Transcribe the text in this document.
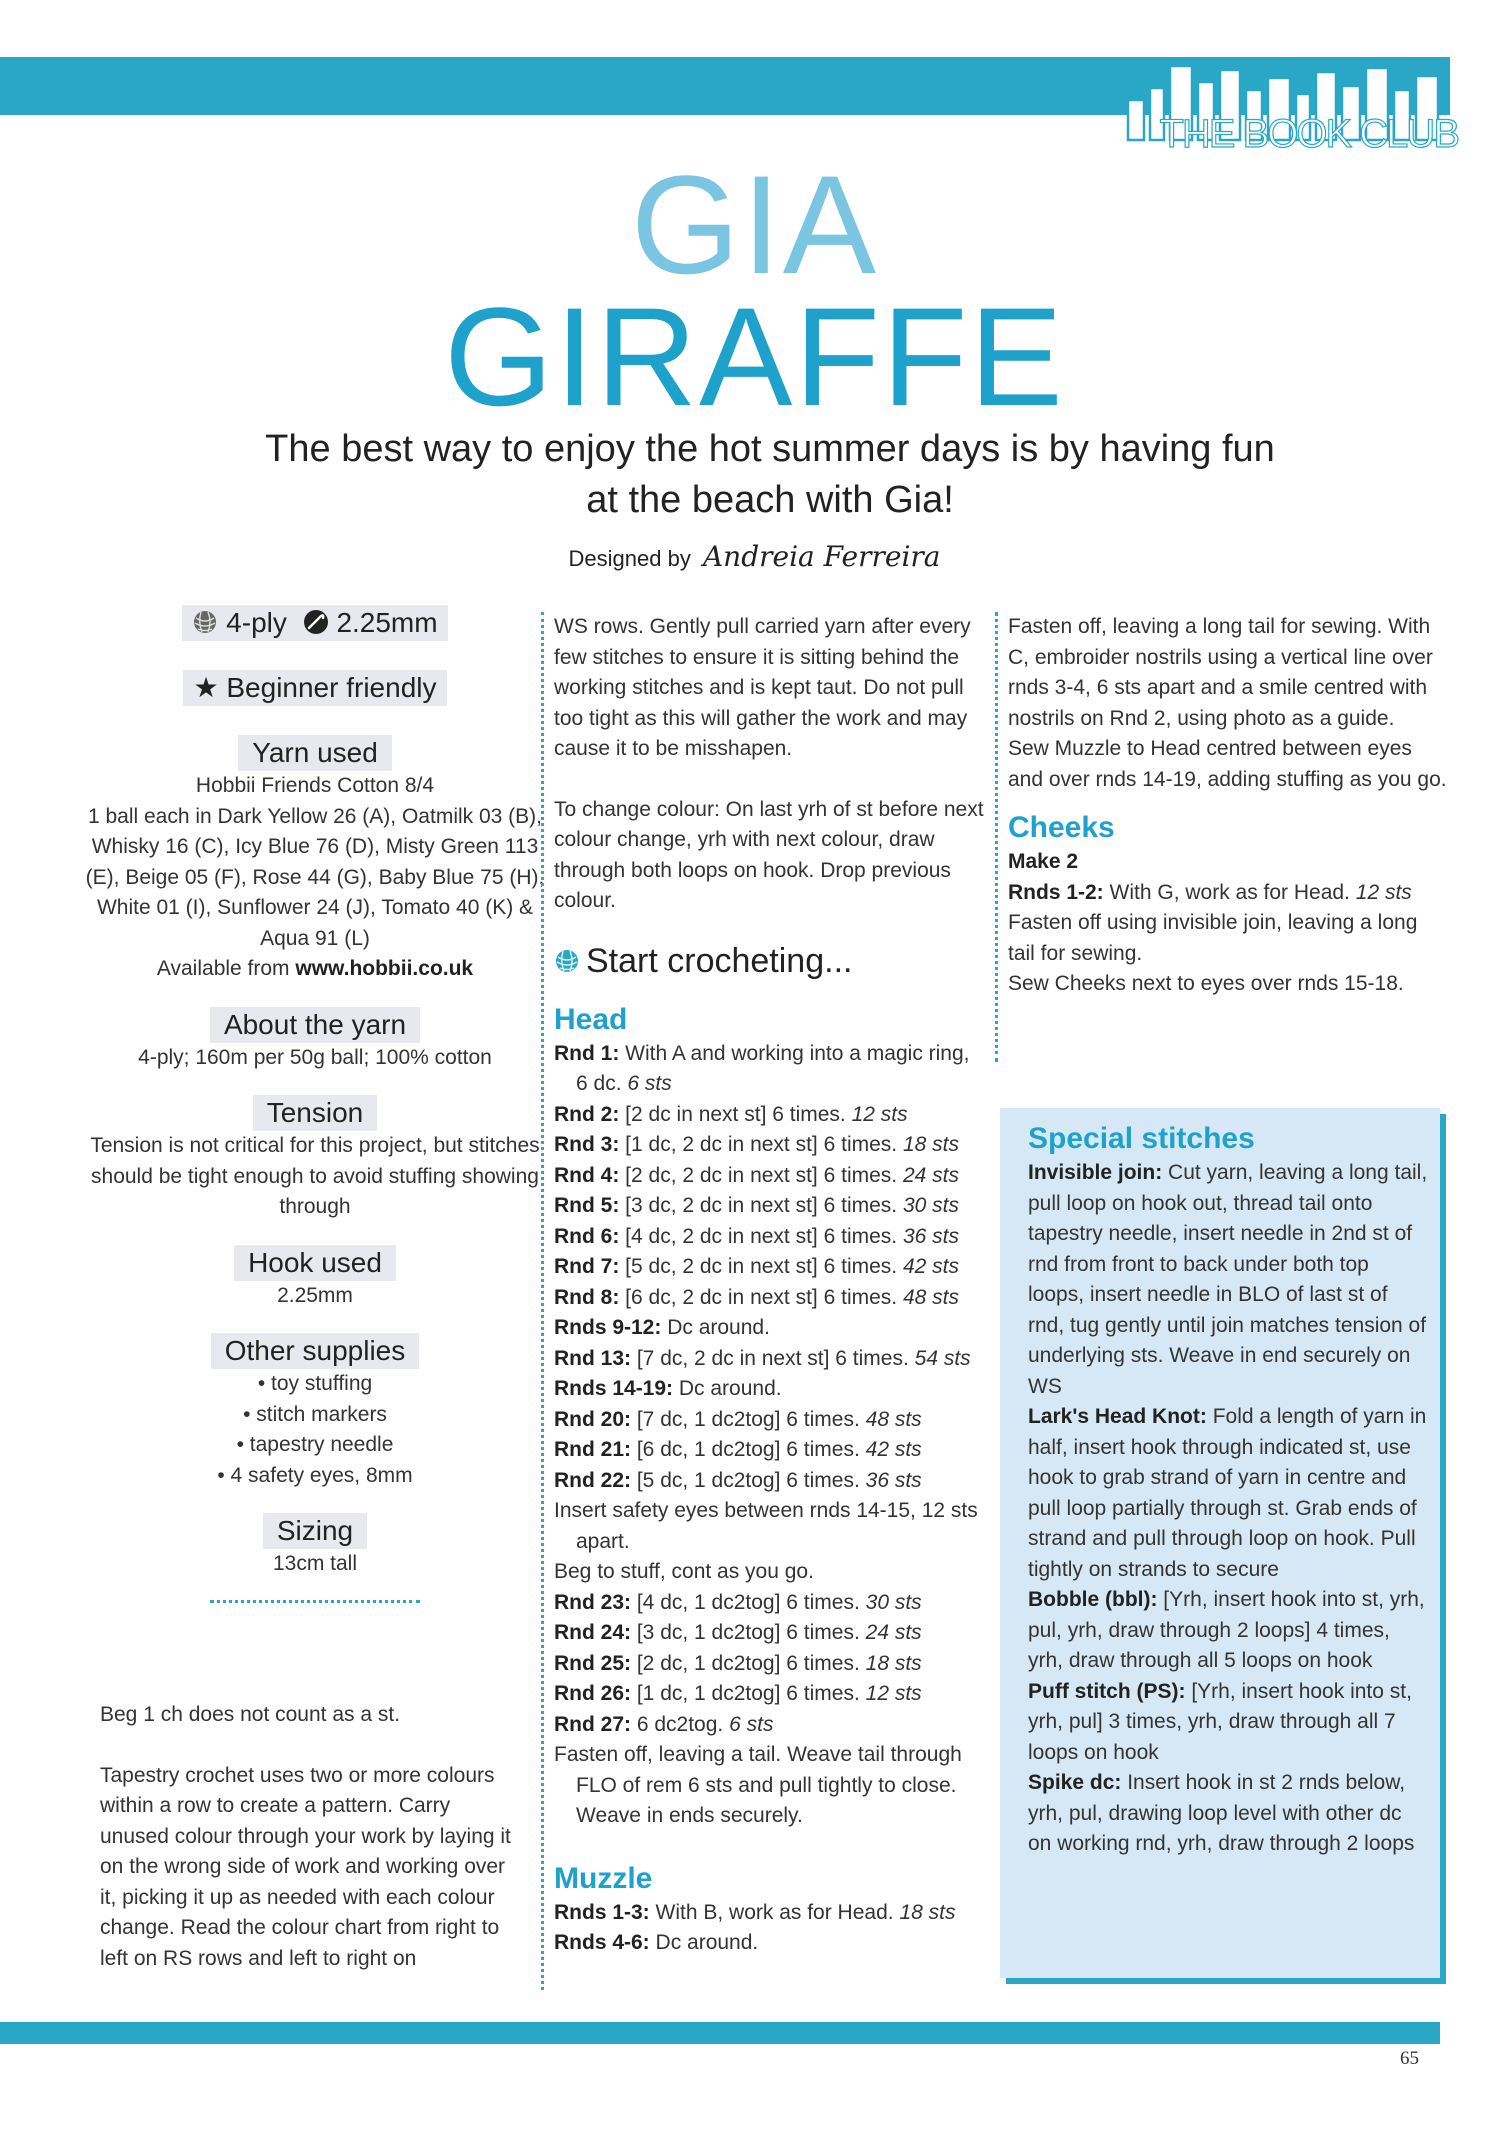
THE BOOK CLUB
GIA
GIRAFFE
The best way to enjoy the hot summer days is by having fun at the beach with Gia!
Designed by Andreia Ferreira
4-ply 2.25mm
★ Beginner friendly
Yarn used

Hobbii Friends Cotton 8/4

1 ball each in Dark Yellow 26 (A), Oatmilk 03 (B), Whisky 16 (C), Icy Blue 76 (D), Misty Green 113 (E), Beige 05 (F), Rose 44 (G), Baby Blue 75 (H), White 01 (I), Sunflower 24 (J), Tomato 40 (K) & Aqua 91 (L)

Available from www.hobbii.co.uk

About the yarn

4-ply; 160m per 50g ball; 100% cotton

Tension

Tension is not critical for this project, but stitches should be tight enough to avoid stuffing showing through

Hook used

2.25mm

Other supplies

• toy stuffing

• stitch markers

• tapestry needle

• 4 safety eyes, 8mm

Sizing

13cm tall

Beg 1 ch does not count as a st.

Tapestry crochet uses two or more colours within a row to create a pattern. Carry unused colour through your work by laying it on the wrong side of work and working over it, picking it up as needed with each colour change. Read the colour chart from right to left on RS rows and left to right on

WS rows. Gently pull carried yarn after every few stitches to ensure it is sitting behind the working stitches and is kept taut. Do not pull too tight as this will gather the work and may cause it to be misshapen.

To change colour: On last yrh of st before next colour change, yrh with next colour, draw through both loops on hook. Drop previous colour.

Start crocheting...
Head

Rnd 1: With A and working into a magic ring, 6 dc. 6 sts

Rnd 2: [2 dc in next st] 6 times. 12 sts

Rnd 3: [1 dc, 2 dc in next st] 6 times. 18 sts

Rnd 4: [2 dc, 2 dc in next st] 6 times. 24 sts

Rnd 5: [3 dc, 2 dc in next st] 6 times. 30 sts

Rnd 6: [4 dc, 2 dc in next st] 6 times. 36 sts

Rnd 7: [5 dc, 2 dc in next st] 6 times. 42 sts

Rnd 8: [6 dc, 2 dc in next st] 6 times. 48 sts

Rnds 9-12: Dc around.

Rnd 13: [7 dc, 2 dc in next st] 6 times. 54 sts

Rnds 14-19: Dc around.

Rnd 20: [7 dc, 1 dc2tog] 6 times. 48 sts

Rnd 21: [6 dc, 1 dc2tog] 6 times. 42 sts

Rnd 22: [5 dc, 1 dc2tog] 6 times. 36 sts

Insert safety eyes between rnds 14-15, 12 sts apart.

Beg to stuff, cont as you go.

Rnd 23: [4 dc, 1 dc2tog] 6 times. 30 sts

Rnd 24: [3 dc, 1 dc2tog] 6 times. 24 sts

Rnd 25: [2 dc, 1 dc2tog] 6 times. 18 sts

Rnd 26: [1 dc, 1 dc2tog] 6 times. 12 sts

Rnd 27: 6 dc2tog. 6 sts

Fasten off, leaving a tail. Weave tail through FLO of rem 6 sts and pull tightly to close. Weave in ends securely.

Muzzle

Rnds 1-3: With B, work as for Head. 18 sts

Rnds 4-6: Dc around.

Fasten off, leaving a long tail for sewing. With C, embroider nostrils using a vertical line over rnds 3-4, 6 sts apart and a smile centred with nostrils on Rnd 2, using photo as a guide.

Sew Muzzle to Head centred between eyes and over rnds 14-19, adding stuffing as you go.

Cheeks

Make 2

Rnds 1-2: With G, work as for Head. 12 sts

Fasten off using invisible join, leaving a long tail for sewing.

Sew Cheeks next to eyes over rnds 15-18.

Special stitches

Invisible join: Cut yarn, leaving a long tail, pull loop on hook out, thread tail onto tapestry needle, insert needle in 2nd st of rnd from front to back under both top loops, insert needle in BLO of last st of rnd, tug gently until join matches tension of underlying sts. Weave in end securely on WS

Lark's Head Knot: Fold a length of yarn in half, insert hook through indicated st, use hook to grab strand of yarn in centre and pull loop partially through st. Grab ends of strand and pull through loop on hook. Pull tightly on strands to secure

Bobble (bbl): [Yrh, insert hook into st, yrh, pul, yrh, draw through 2 loops] 4 times, yrh, draw through all 5 loops on hook

Puff stitch (PS): [Yrh, insert hook into st, yrh, pul] 3 times, yrh, draw through all 7 loops on hook

Spike dc: Insert hook in st 2 rnds below, yrh, pul, drawing loop level with other dc on working rnd, yrh, draw through 2 loops

65
